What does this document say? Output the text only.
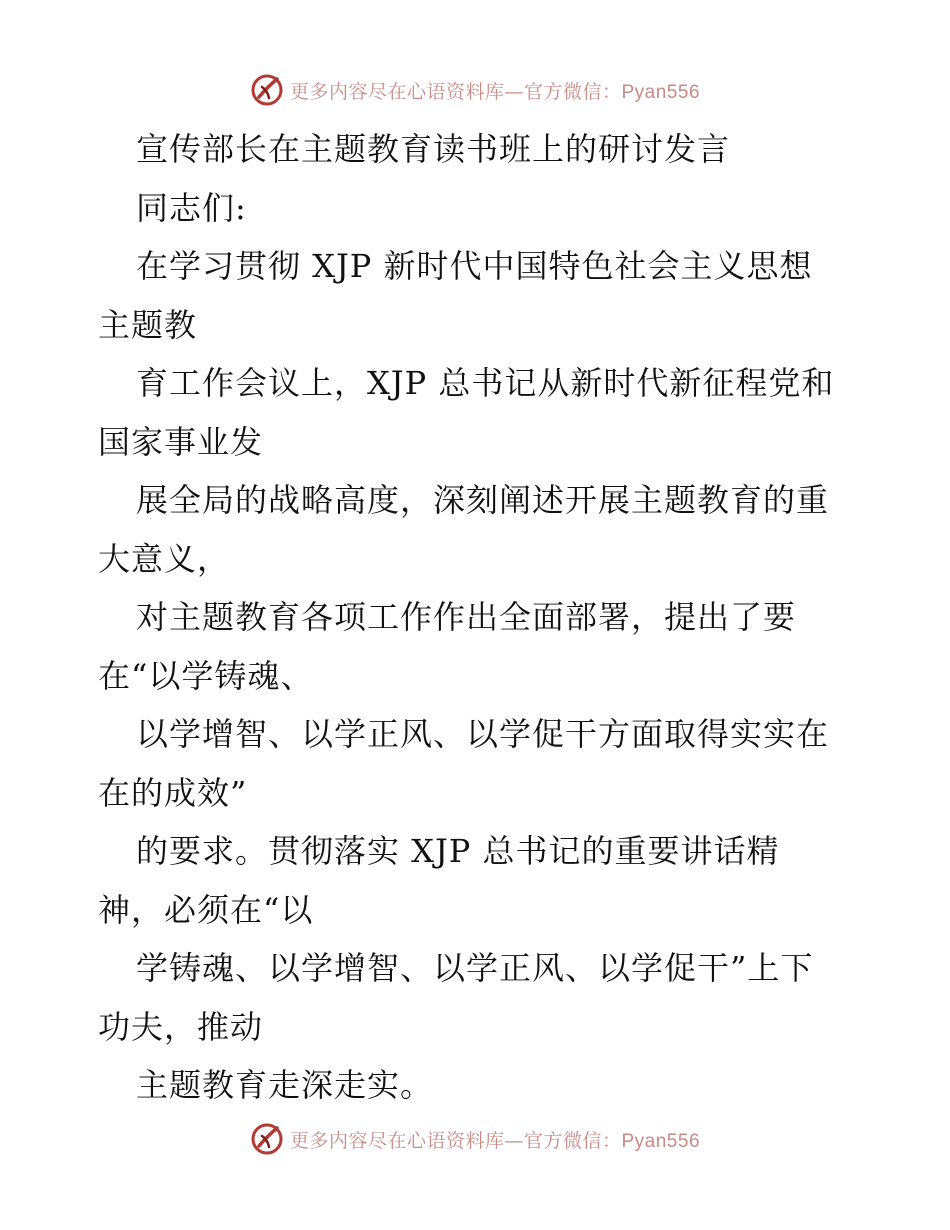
更多内容尽在心语资料库—官方微信：Pyan556
宣传部长在主题教育读书班上的研讨发言
同志们:
在学习贯彻 XJP 新时代中国特色社会主义思想
主题教
育工作会议上，XJP 总书记从新时代新征程党和
国家事业发
展全局的战略高度，深刻阐述开展主题教育的重
大意义，
对主题教育各项工作作出全面部署，提出了要
在“以学铸魂、
以学增智、以学正风、以学促干方面取得实实在
在的成效”
的要求。贯彻落实 XJP 总书记的重要讲话精
神，必须在“以
学铸魂、以学增智、以学正风、以学促干”上下
功夫，推动
主题教育走深走实。
更多内容尽在心语资料库—官方微信：Pyan556
